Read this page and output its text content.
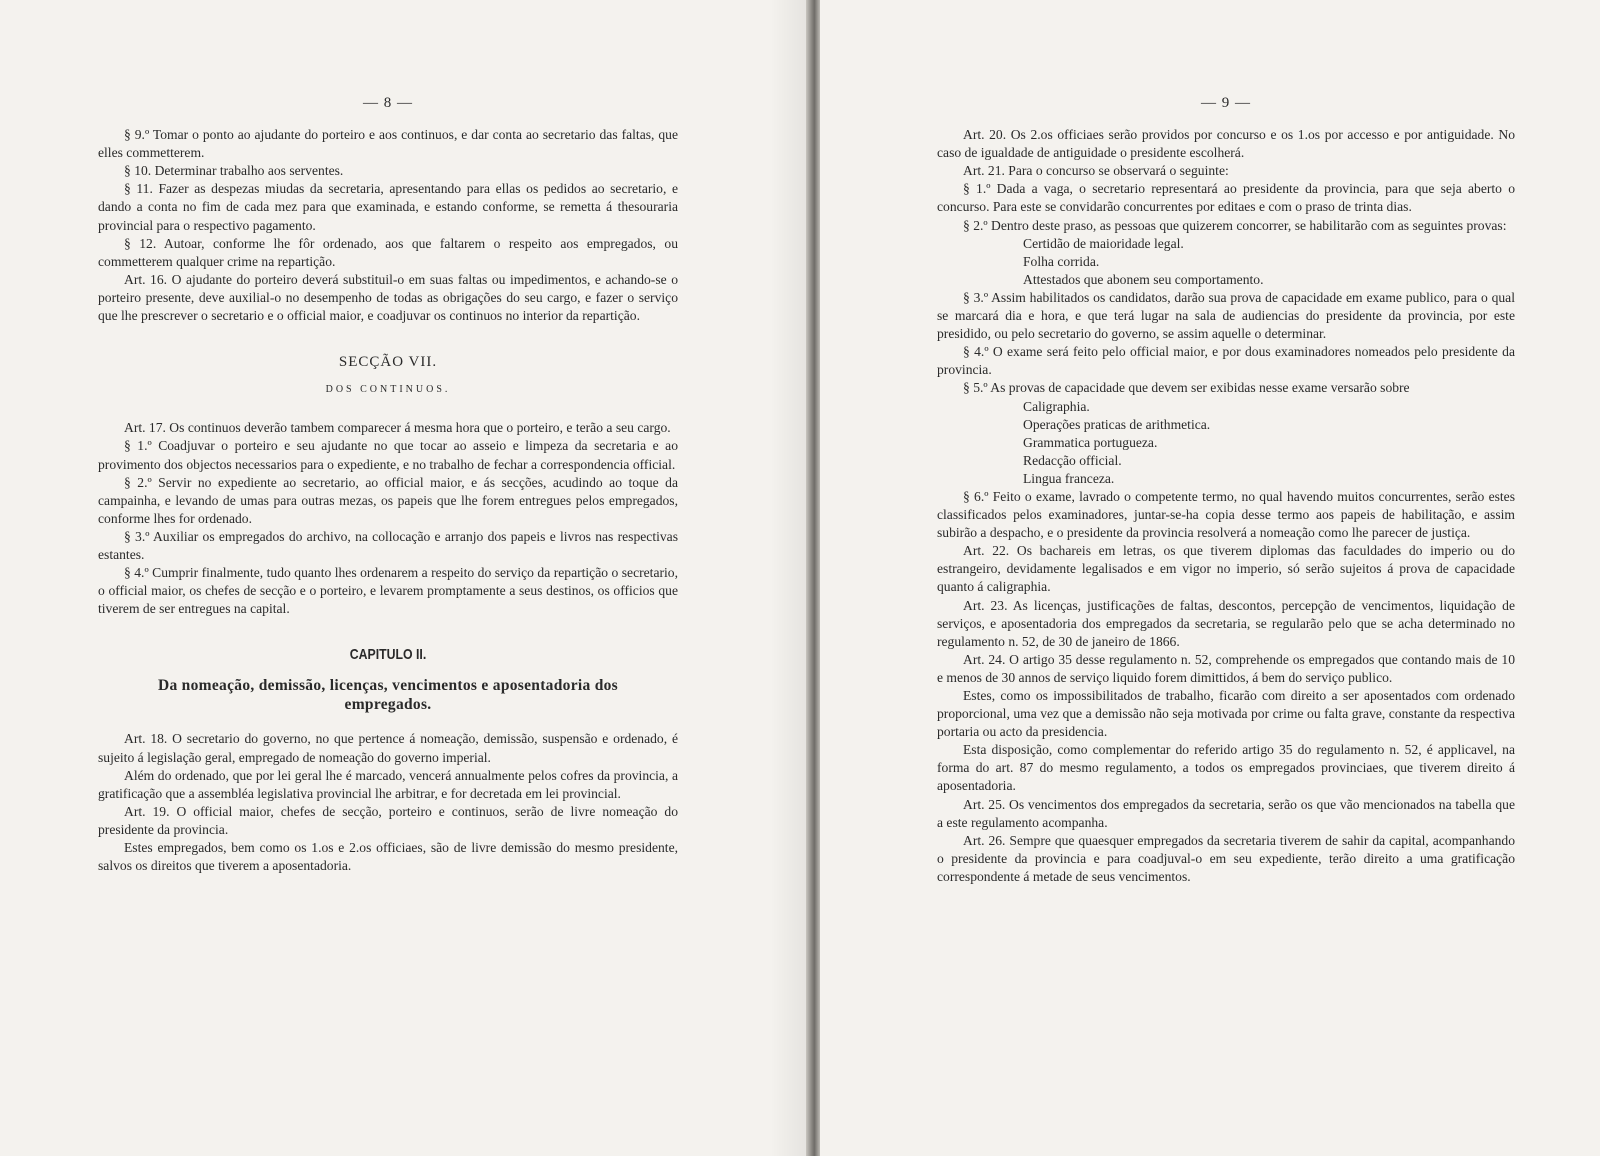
— 8 —

§ 9.º Tomar o ponto ao ajudante do porteiro e aos continuos, e dar conta ao secretario das faltas, que elles commetterem.

§ 10. Determinar trabalho aos serventes.

§ 11. Fazer as despezas miudas da secretaria, apresentando para ellas os pedidos ao secretario, e dando a conta no fim de cada mez para que examinada, e estando conforme, se remetta á thesouraria provincial para o respectivo pagamento.

§ 12. Autoar, conforme lhe fôr ordenado, aos que faltarem o respeito aos empregados, ou commetterem qualquer crime na repartição.

Art. 16. O ajudante do porteiro deverá substituil-o em suas faltas ou impedimentos, e achando-se o porteiro presente, deve auxilial-o no desempenho de todas as obrigações do seu cargo, e fazer o serviço que lhe prescrever o secretario e o official maior, e coadjuvar os continuos no interior da repartição.

SECÇÃO VII.
DOS CONTINUOS.

Art. 17. Os continuos deverão tambem comparecer á mesma hora que o porteiro, e terão a seu cargo.

§ 1.º Coadjuvar o porteiro e seu ajudante no que tocar ao asseio e limpeza da secretaria e ao provimento dos objectos necessarios para o expediente, e no trabalho de fechar a correspondencia official.

§ 2.º Servir no expediente ao secretario, ao official maior, e ás secções, acudindo ao toque da campainha, e levando de umas para outras mezas, os papeis que lhe forem entregues pelos empregados, conforme lhes for ordenado.

§ 3.º Auxiliar os empregados do archivo, na collocação e arranjo dos papeis e livros nas respectivas estantes.

§ 4.º Cumprir finalmente, tudo quanto lhes ordenarem a respeito do serviço da repartição o secretario, o official maior, os chefes de secção e o porteiro, e levarem promptamente a seus destinos, os officios que tiverem de ser entregues na capital.

CAPITULO II.
Da nomeação, demissão, licenças, vencimentos e aposentadoria dos empregados.

Art. 18. O secretario do governo, no que pertence á nomeação, demissão, suspensão e ordenado, é sujeito á legislação geral, empregado de nomeação do governo imperial.

Além do ordenado, que por lei geral lhe é marcado, vencerá annualmente pelos cofres da provincia, a gratificação que a assembléa legislativa provincial lhe arbitrar, e for decretada em lei provincial.

Art. 19. O official maior, chefes de secção, porteiro e continuos, serão de livre nomeação do presidente da provincia.

Estes empregados, bem como os 1.os e 2.os officiaes, são de livre demissão do mesmo presidente, salvos os direitos que tiverem a aposentadoria.

— 9 —

Art. 20. Os 2.os officiaes serão providos por concurso e os 1.os por accesso e por antiguidade. No caso de igualdade de antiguidade o presidente escolherá.

Art. 21. Para o concurso se observará o seguinte:

§ 1.º Dada a vaga, o secretario representará ao presidente da provincia, para que seja aberto o concurso. Para este se convidarão concurrentes por editaes e com o praso de trinta dias.

§ 2.º Dentro deste praso, as pessoas que quizerem concorrer, se habilitarão com as seguintes provas:

Certidão de maioridade legal.

Folha corrida.

Attestados que abonem seu comportamento.

§ 3.º Assim habilitados os candidatos, darão sua prova de capacidade em exame publico, para o qual se marcará dia e hora, e que terá lugar na sala de audiencias do presidente da provincia, por este presidido, ou pelo secretario do governo, se assim aquelle o determinar.

§ 4.º O exame será feito pelo official maior, e por dous examinadores nomeados pelo presidente da provincia.

§ 5.º As provas de capacidade que devem ser exibidas nesse exame versarão sobre

Caligraphia.

Operações praticas de arithmetica.

Grammatica portugueza.

Redacção official.

Lingua franceza.

§ 6.º Feito o exame, lavrado o competente termo, no qual havendo muitos concurrentes, serão estes classificados pelos examinadores, juntar-se-ha copia desse termo aos papeis de habilitação, e assim subirão a despacho, e o presidente da provincia resolverá a nomeação como lhe parecer de justiça.

Art. 22. Os bachareis em letras, os que tiverem diplomas das faculdades do imperio ou do estrangeiro, devidamente legalisados e em vigor no imperio, só serão sujeitos á prova de capacidade quanto á caligraphia.

Art. 23. As licenças, justificações de faltas, descontos, percepção de vencimentos, liquidação de serviços, e aposentadoria dos empregados da secretaria, se regularão pelo que se acha determinado no regulamento n. 52, de 30 de janeiro de 1866.

Art. 24. O artigo 35 desse regulamento n. 52, comprehende os empregados que contando mais de 10 e menos de 30 annos de serviço liquido forem dimittidos, á bem do serviço publico.

Estes, como os impossibilitados de trabalho, ficarão com direito a ser aposentados com ordenado proporcional, uma vez que a demissão não seja motivada por crime ou falta grave, constante da respectiva portaria ou acto da presidencia.

Esta disposição, como complementar do referido artigo 35 do regulamento n. 52, é applicavel, na forma do art. 87 do mesmo regulamento, a todos os empregados provinciaes, que tiverem direito á aposentadoria.

Art. 25. Os vencimentos dos empregados da secretaria, serão os que vão mencionados na tabella que a este regulamento acompanha.

Art. 26. Sempre que quaesquer empregados da secretaria tiverem de sahir da capital, acompanhando o presidente da provincia e para coadjuval-o em seu expediente, terão direito a uma gratificação correspondente á metade de seus vencimentos.
